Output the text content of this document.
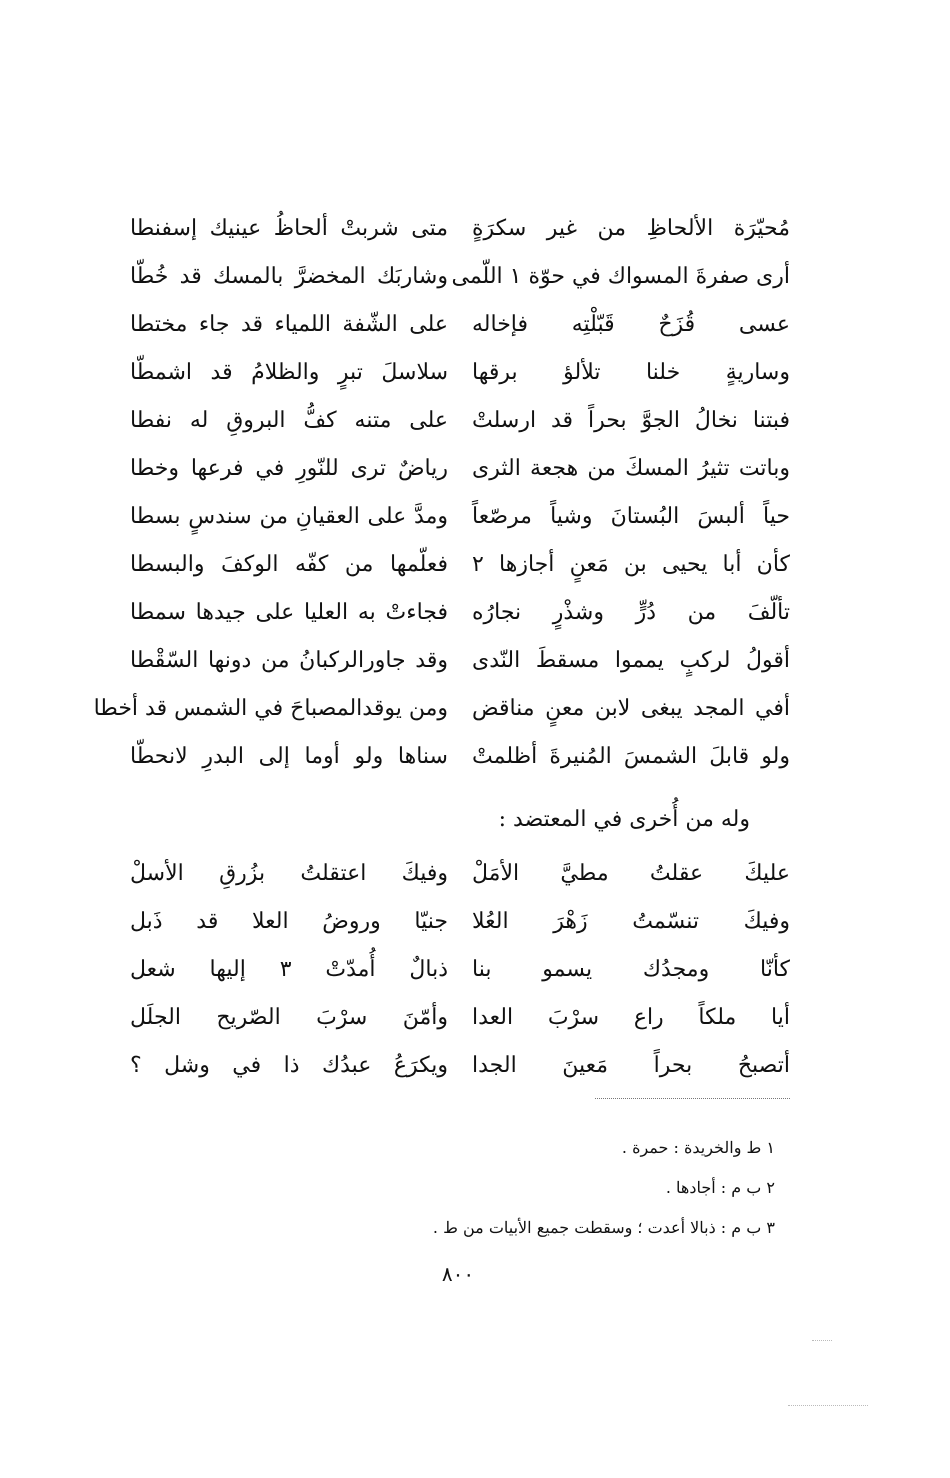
مُحيّرَة الألحاظِ من غير سكرَةٍ
متى شربتْ ألحاظُ عينيك إسفنطا
أرى صفرةَ المسواك في حوّة ١ اللّمى
وشاربَك المخضرَّ بالمسك قد خُطّا
عسى قُزَحٌ قَبّلْتِه فإخاله
على الشّفة اللمياء قد جاء مختطا
وساريةٍ خلنا تلألؤ برقها
سلاسلَ تبرٍ والظلامُ قد اشمطّا
فبتنا نخالُ الجوَّ بحراً قد ارسلتْ
على متنه كفُّ البروقِ له نفطا
وباتت تثيرُ المسكَ من هجعة الثرى
رياضٌ ترى للنّورِ في فرعها وخطا
حياً ألبسَ البُستانَ وشياً مرصّعاً
ومدَّ على العقيانِ من سندسٍ بسطا
كأن أبا يحيى بن مَعنٍ أجازها ٢
فعلّمها من كفّه الوكفَ والبسطا
تألّفَ من دُرٍّ وشذْرٍ نجارُه
فجاءتْ به العليا على جيدها سمطا
أقولُ لركبٍ يمموا مسقطَ النّدى
وقد جاورالركبانُ من دونها السّقْطا
أفي المجد يبغى لابن معنٍ مناقض
ومن يوقدالمصباحَ في الشمس قد أخطا
ولو قابلَ الشمسَ المُنيرةَ أظلمتْ
سناها ولو أوما إلى البدرِ لانحطّا
وله من أُخرى في المعتضد :
عليكَ عقلتُ مطيَّ الأمَلْ
وفيكَ اعتقلتُ بزُرقِ الأسلْ
وفيكَ تنسّمتُ زَهْرَ العُلا
جنيّا وروضُ العلا قد ذَبل
كأنّا ومجدُك يسمو بنا
ذبالٌ أُمدّتْ ٣ إليها شعل
أيا ملكاً راع سرْبَ العدا
وأمّنَ سرْبَ الصّريح الجلَل
أتصبحُ بحراً مَعينَ الجدا
ويكرَعُ عبدُك ذا في وشل ؟
١ ط والخريدة : حمرة .
٢ ب م : أجادها .
٣ ب م : ذبالا أعدت ؛ وسقطت جميع الأبيات من ط .
٨٠٠
